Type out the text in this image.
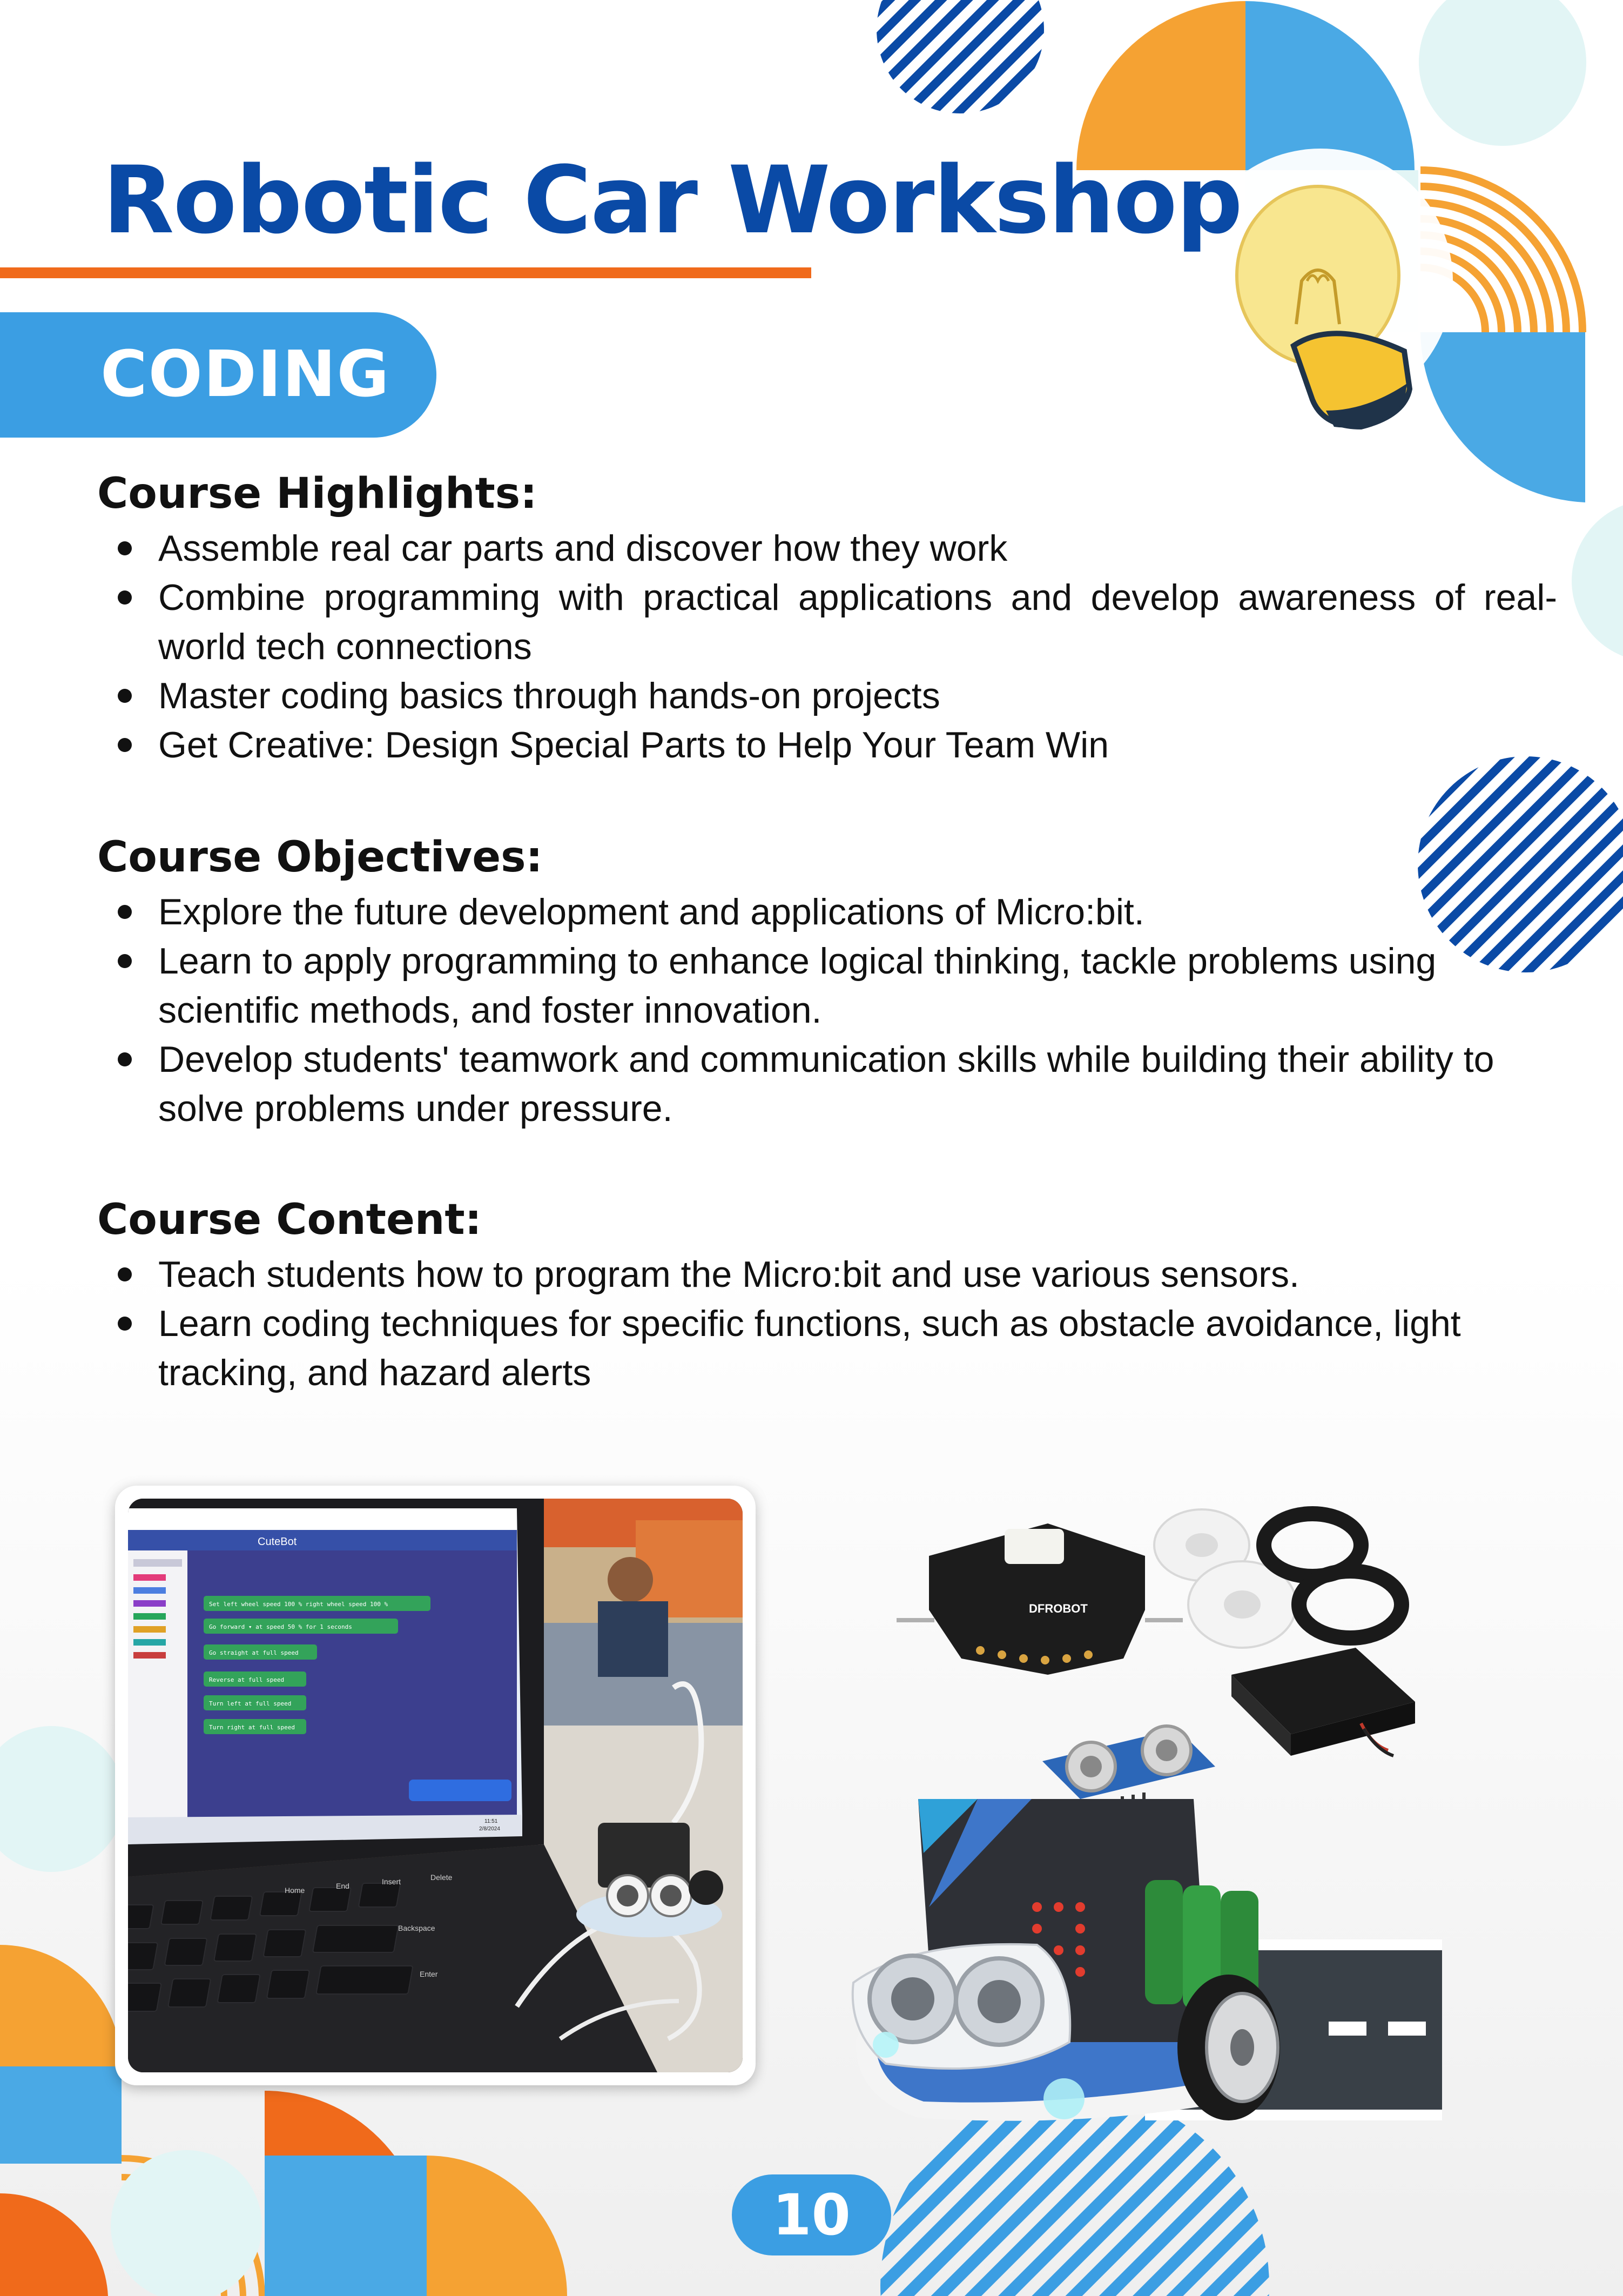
Robotic Car Workshop
CODING
Course Highlights:
Assemble real car parts and discover how they work
Combine programming with practical applications and develop awareness of real-world tech connections
Master coding basics through hands-on projects
Get Creative: Design Special Parts to Help Your Team Win
Course Objectives:
Explore the future development and applications of Micro:bit.
Learn to apply programming to enhance logical thinking, tackle problems using scientific methods, and foster innovation.
Develop students' teamwork and communication skills while building their ability to solve problems under pressure.
Course Content:
Teach students how to program the Micro:bit and use various sensors.
Learn coding techniques for specific functions, such as obstacle avoidance, light tracking, and hazard alerts
CuteBot
Set left wheel speed 100 % right wheel speed 100 %
Go forward ▾ at speed 50 % for 1 seconds
Go straight at full speed
Reverse at full speed
Turn left at full speed
Turn right at full speed
11:51
2/8/2024
Home	End	Insert	Delete
Backspace
Enter
DFROBOT
10
